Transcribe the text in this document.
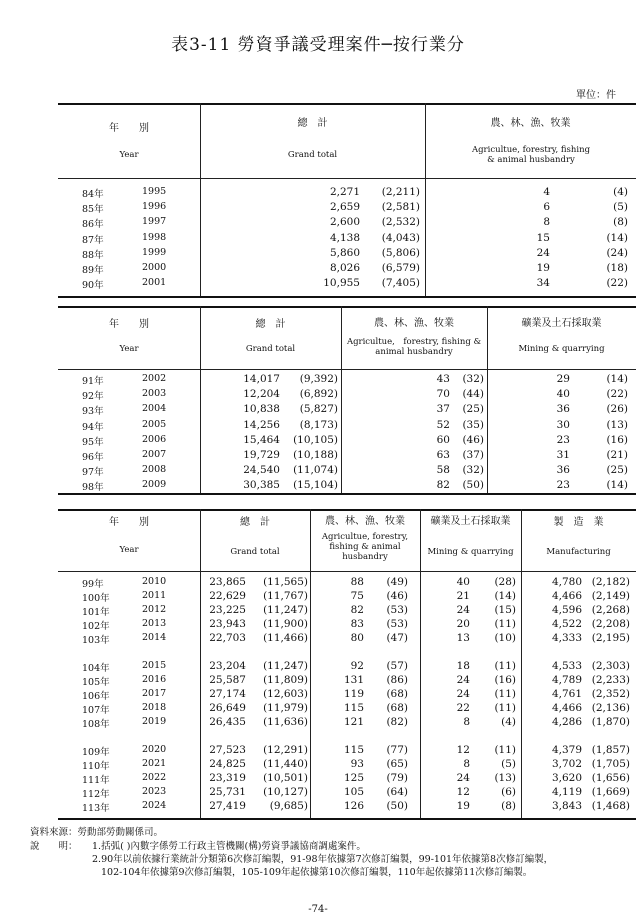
表3-11 勞資爭議受理案件─按行業分
單位：件
年　　別
Year
總　計
Grand total
農、林、漁、牧業
Agricultue, forestry, fishing & animal husbandry
84年	1995	2,271	(2,211)	4	(4)
85年	1996	2,659	(2,581)	6	(5)
86年	1997	2,600	(2,532)	8	(8)
87年	1998	4,138	(4,043)	15	(14)
88年	1999	5,860	(5,806)	24	(24)
89年	2000	8,026	(6,579)	19	(18)
90年	2001	10,955	(7,405)	34	(22)
年　　別
Year
總　計
Grand total
農、林、漁、牧業
Agricultue,　forestry, fishing & animal husbandry
礦業及土石採取業
Mining & quarrying
91年	2002	14,017	(9,392)	43	(32)	29	(14)
92年	2003	12,204	(6,892)	70	(44)	40	(22)
93年	2004	10,838	(5,827)	37	(25)	36	(26)
94年	2005	14,256	(8,173)	52	(35)	30	(13)
95年	2006	15,464	(10,105)	60	(46)	23	(16)
96年	2007	19,729	(10,188)	63	(37)	31	(21)
97年	2008	24,540	(11,074)	58	(32)	36	(25)
98年	2009	30,385	(15,104)	82	(50)	23	(14)
年　　別
Year
總　計
Grand total
農、林、漁、牧業
Agricultue, forestry, fishing & animal husbandry
礦業及土石採取業
Mining & quarrying
製　造　業
Manufacturing
99年	2010	23,865	(11,565)	88	(49)	40	(28)	4,780 (2,182)
100年	2011	22,629	(11,767)	75	(46)	21	(14)	4,466 (2,149)
101年	2012	23,225	(11,247)	82	(53)	24	(15)	4,596 (2,268)
102年	2013	23,943	(11,900)	83	(53)	20	(11)	4,522 (2,208)
103年	2014	22,703	(11,466)	80	(47)	13	(10)	4,333 (2,195)
104年	2015	23,204	(11,247)	92	(57)	18	(11)	4,533 (2,303)
105年	2016	25,587	(11,809)	131	(86)	24	(16)	4,789 (2,233)
106年	2017	27,174	(12,603)	119	(68)	24	(11)	4,761 (2,352)
107年	2018	26,649	(11,979)	115	(68)	22	(11)	4,466 (2,136)
108年	2019	26,435	(11,636)	121	(82)	8	(4)	4,286 (1,870)
109年	2020	27,523	(12,291)	115	(77)	12	(11)	4,379 (1,857)
110年	2021	24,825	(11,440)	93	(65)	8	(5)	3,702 (1,705)
111年	2022	23,319	(10,501)	125	(79)	24	(13)	3,620 (1,656)
112年	2023	25,731	(10,127)	105	(64)	12	(6)	4,119 (1,669)
113年	2024	27,419	(9,685)	126	(50)	19	(8)	3,843 (1,468)
資料來源：勞動部勞動關係司。
說　　明： 1.括弧( )內數字係勞工行政主管機關(構)勞資爭議協商調處案件。
2.90年以前依據行業統計分類第6次修訂編製，91-98年依據第7次修訂編製，99-101年依據第8次修訂編製，
102-104年依據第9次修訂編製，105-109年起依據第10次修訂編製，110年起依據第11次修訂編製。
-74-
